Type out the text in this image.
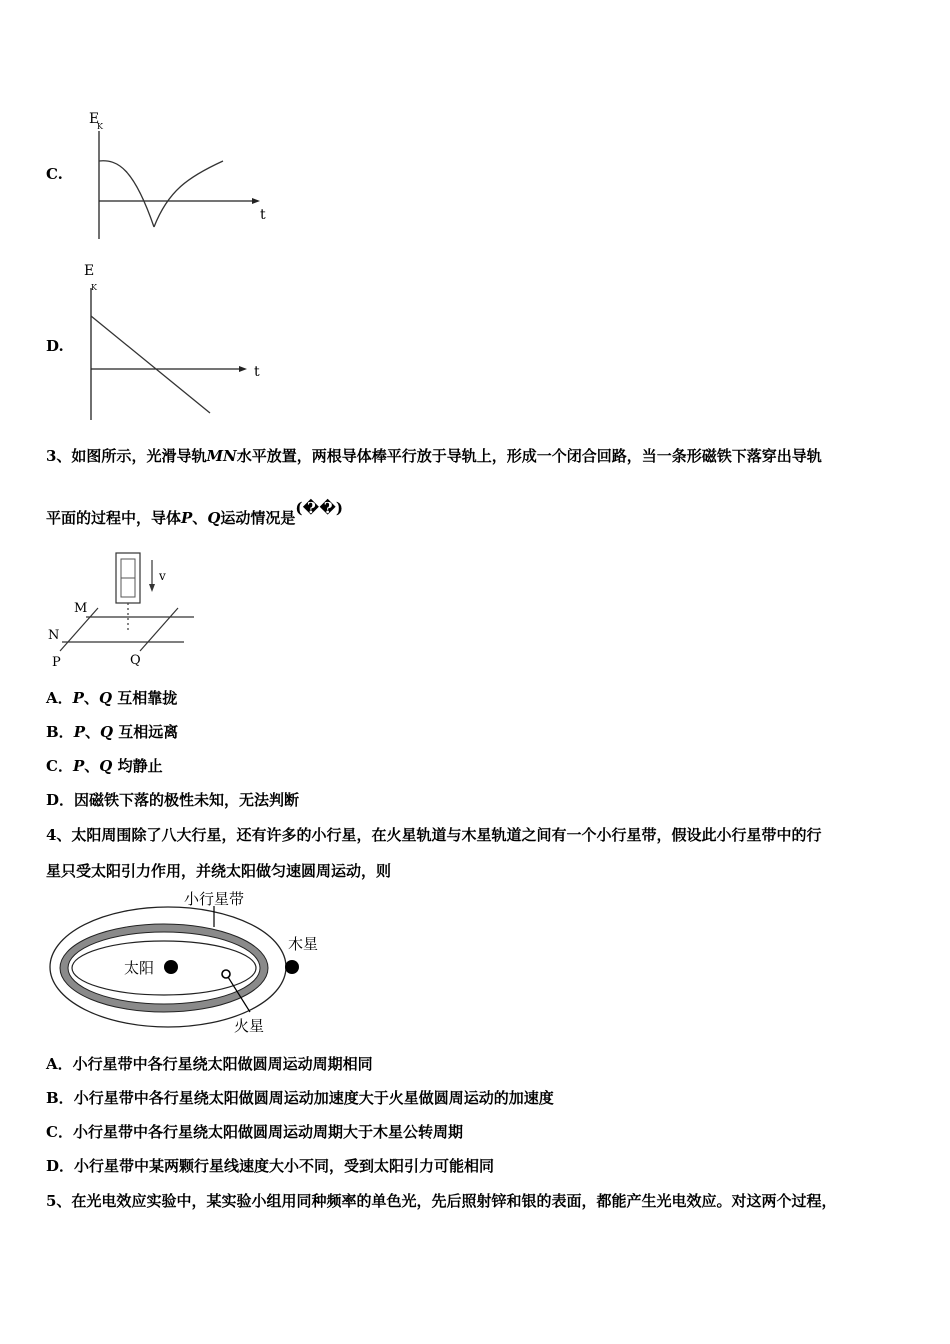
C.
E
K
t
D.
E
K
t
3、如图所示，光滑导轨MN水平放置，两根导体棒平行放于导轨上，形成一个闭合回路，当一条形磁铁下落穿出导轨
平面的过程中，导体P、Q运动情况是(��)
v
M
N
P	Q
A．P、Q 互相靠拢
B．P、Q 互相远离
C．P、Q 均静止
D．因磁铁下落的极性未知，无法判断
4、太阳周围除了八大行星，还有许多的小行星，在火星轨道与木星轨道之间有一个小行星带，假设此小行星带中的行
星只受太阳引力作用，并绕太阳做匀速圆周运动，则
太阳
火星
木星
小行星带
A．小行星带中各行星绕太阳做圆周运动周期相同
B．小行星带中各行星绕太阳做圆周运动加速度大于火星做圆周运动的加速度
C．小行星带中各行星绕太阳做圆周运动周期大于木星公转周期
D．小行星带中某两颗行星线速度大小不同，受到太阳引力可能相同
5、在光电效应实验中，某实验小组用同种频率的单色光，先后照射锌和银的表面，都能产生光电效应。对这两个过程，
